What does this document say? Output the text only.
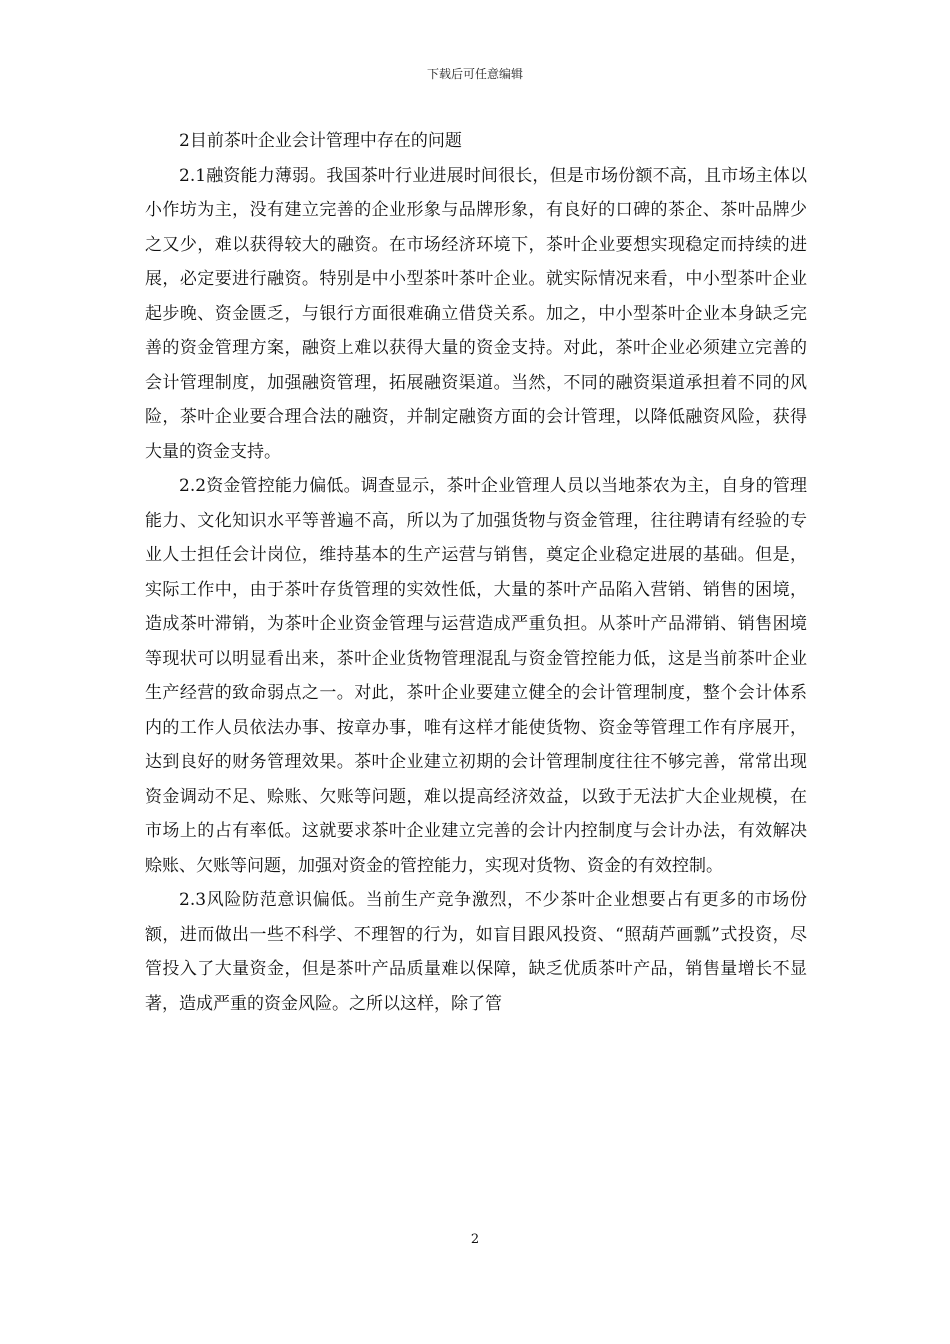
下载后可任意编辑

2目前茶叶企业会计管理中存在的问题

2.1融资能力薄弱。我国茶叶行业进展时间很长，但是市场份额不高，且市场主体以小作坊为主，没有建立完善的企业形象与品牌形象，有良好的口碑的茶企、茶叶品牌少之又少，难以获得较大的融资。在市场经济环境下，茶叶企业要想实现稳定而持续的进展，必定要进行融资。特别是中小型茶叶茶叶企业。就实际情况来看，中小型茶叶企业起步晚、资金匮乏，与银行方面很难确立借贷关系。加之，中小型茶叶企业本身缺乏完善的资金管理方案，融资上难以获得大量的资金支持。对此，茶叶企业必须建立完善的会计管理制度，加强融资管理，拓展融资渠道。当然，不同的融资渠道承担着不同的风险，茶叶企业要合理合法的融资，并制定融资方面的会计管理，以降低融资风险，获得大量的资金支持。

2.2资金管控能力偏低。调查显示，茶叶企业管理人员以当地茶农为主，自身的管理能力、文化知识水平等普遍不高，所以为了加强货物与资金管理，往往聘请有经验的专业人士担任会计岗位，维持基本的生产运营与销售，奠定企业稳定进展的基础。但是，实际工作中，由于茶叶存货管理的实效性低，大量的茶叶产品陷入营销、销售的困境，造成茶叶滞销，为茶叶企业资金管理与运营造成严重负担。从茶叶产品滞销、销售困境等现状可以明显看出来，茶叶企业货物管理混乱与资金管控能力低，这是当前茶叶企业生产经营的致命弱点之一。对此，茶叶企业要建立健全的会计管理制度，整个会计体系内的工作人员依法办事、按章办事，唯有这样才能使货物、资金等管理工作有序展开，达到良好的财务管理效果。茶叶企业建立初期的会计管理制度往往不够完善，常常出现资金调动不足、赊账、欠账等问题，难以提高经济效益，以致于无法扩大企业规模，在市场上的占有率低。这就要求茶叶企业建立完善的会计内控制度与会计办法，有效解决赊账、欠账等问题，加强对资金的管控能力，实现对货物、资金的有效控制。

2.3风险防范意识偏低。当前生产竞争激烈，不少茶叶企业想要占有更多的市场份额，进而做出一些不科学、不理智的行为，如盲目跟风投资、“照葫芦画瓢”式投资，尽管投入了大量资金，但是茶叶产品质量难以保障，缺乏优质茶叶产品，销售量增长不显著，造成严重的资金风险。之所以这样，除了管

2
